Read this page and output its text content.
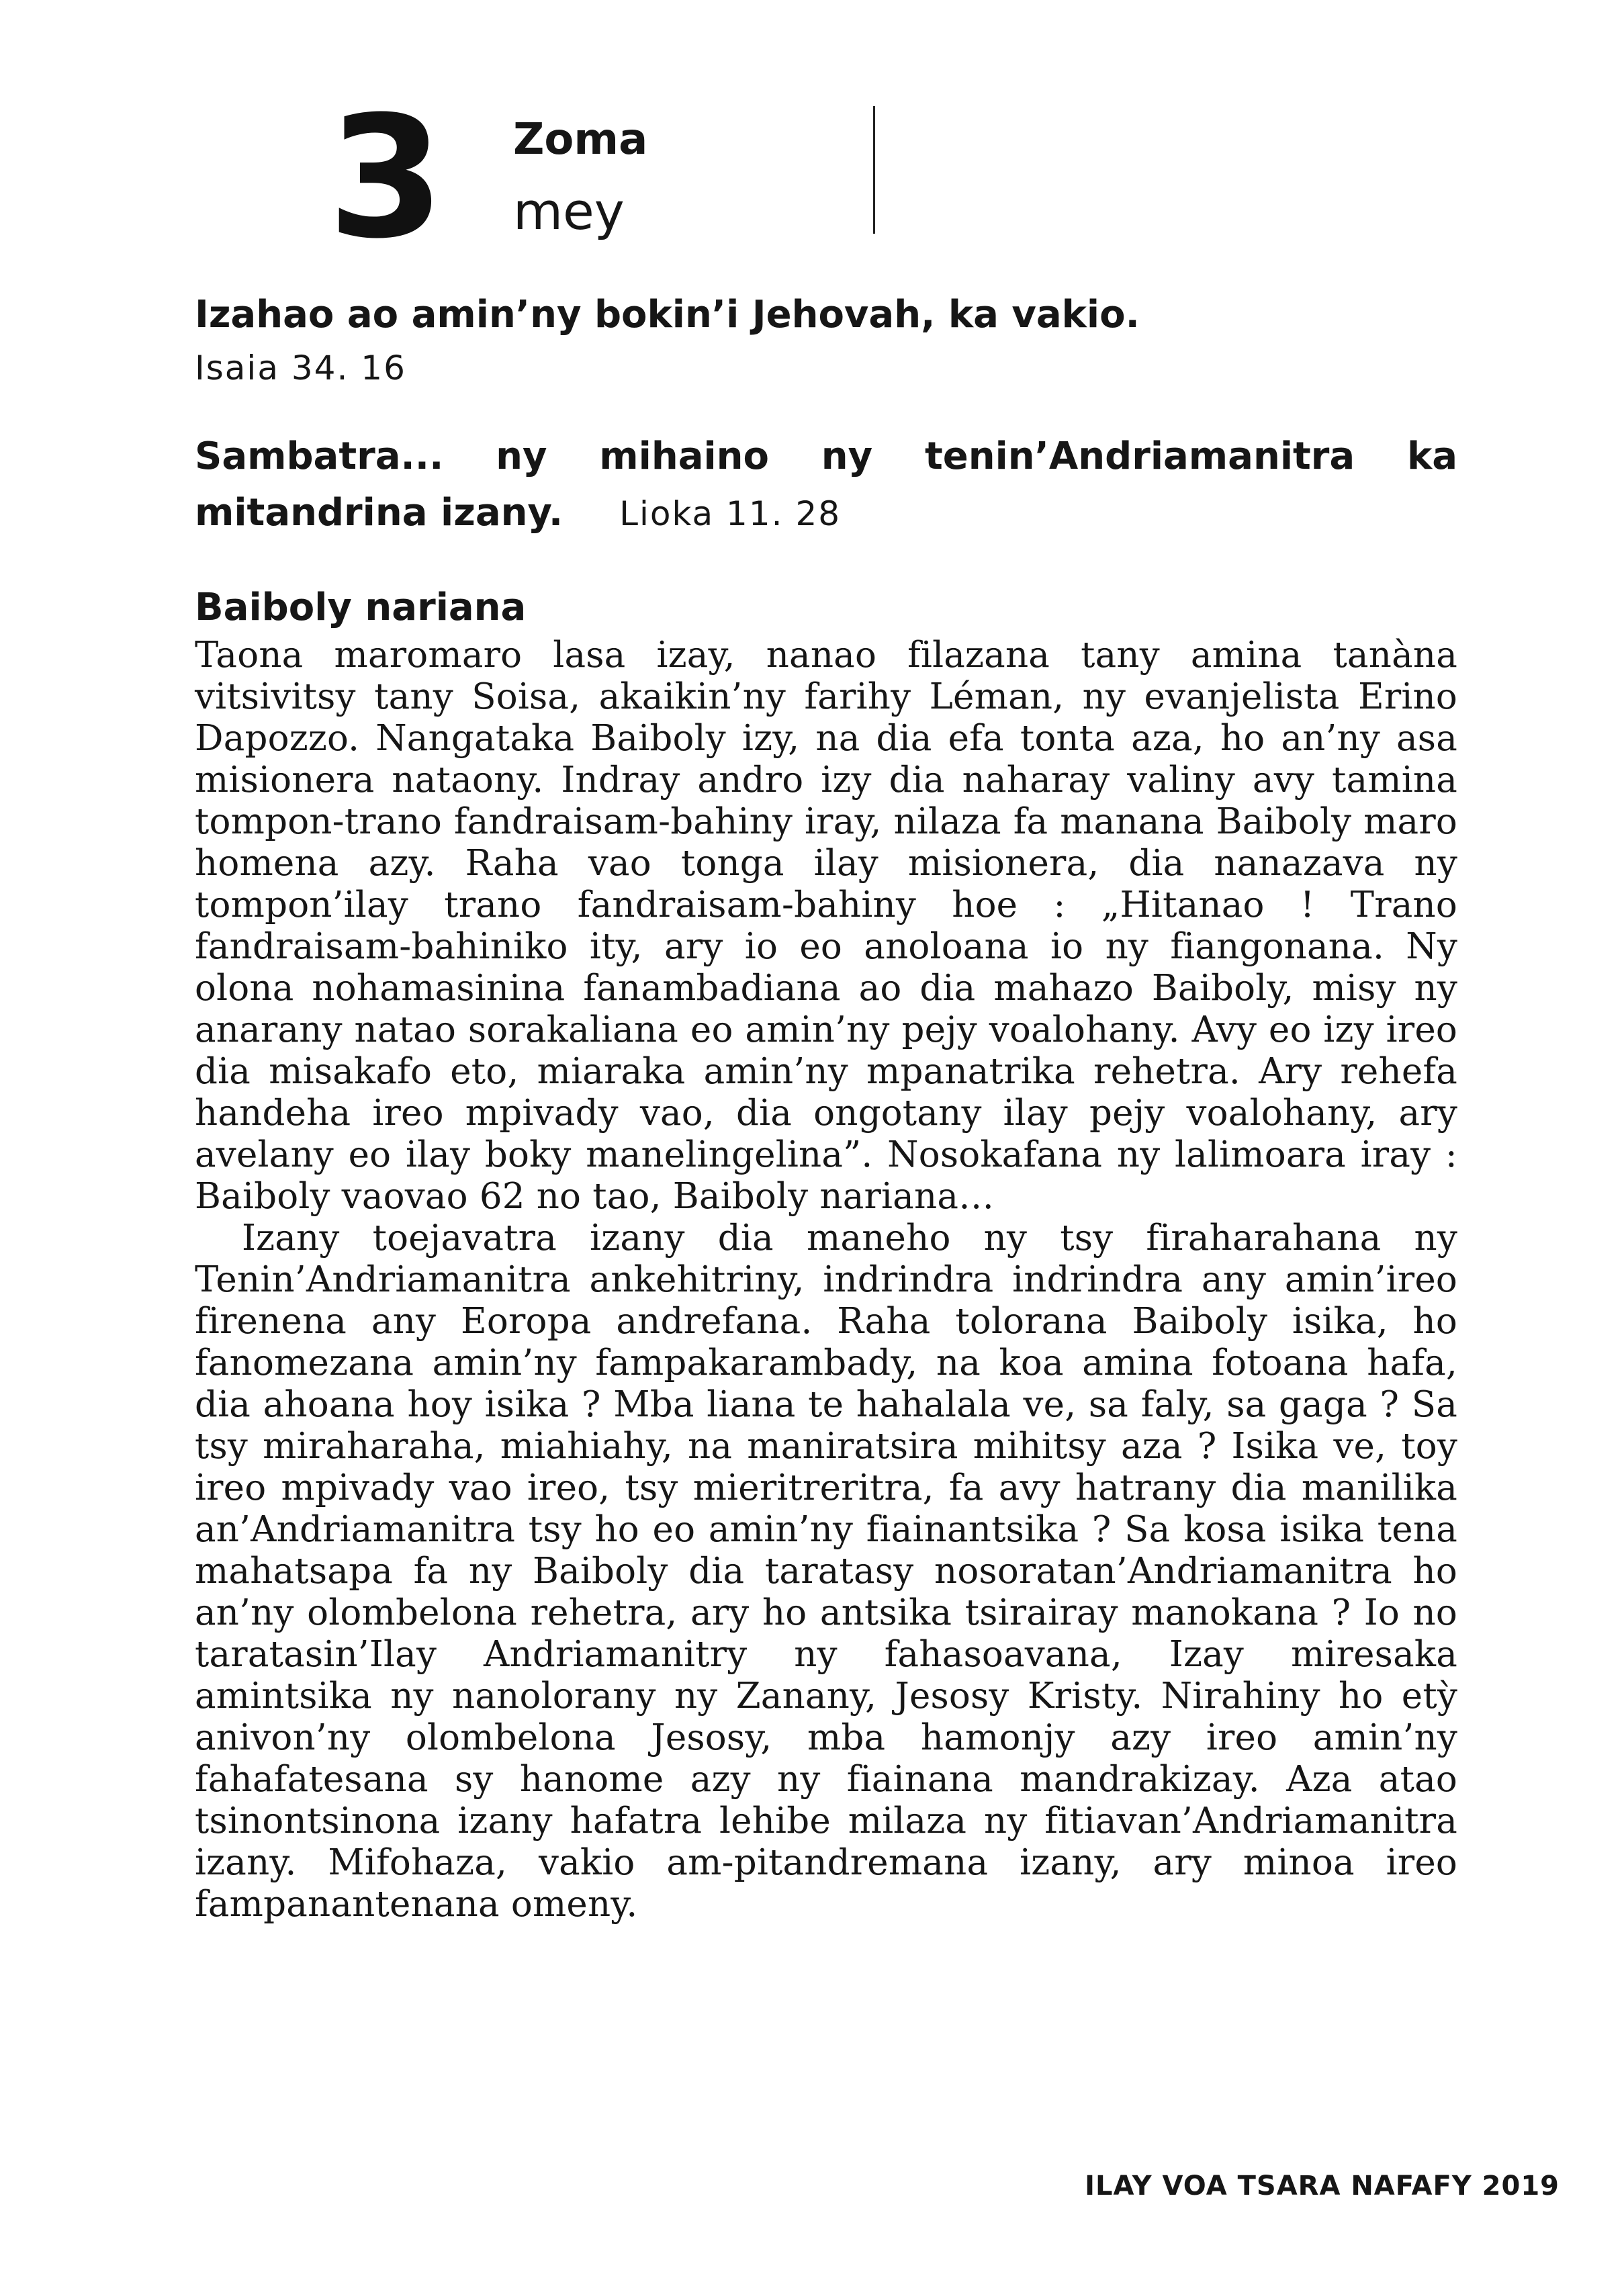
3 Zoma
mey

Izahao ao amin’ny bokin’i Jehovah, ka vakio.

Isaia 34. 16

Sambatra... ny mihaino ny tenin’Andriamanitra ka mitandrina izany. Lioka 11. 28

Baiboly nariana

Taona maromaro lasa izay, nanao filazana tany amina tanàna vitsivitsy tany Soisa, akaikin’ny farihy Léman, ny evanjelista Erino Dapozzo. Nangataka Baiboly izy, na dia efa tonta aza, ho an’ny asa misionera nataony. Indray andro izy dia naharay valiny avy tamina tompon-trano fandraisam-bahiny iray, nilaza fa manana Baiboly maro homena azy. Raha vao tonga ilay misionera, dia nanazava ny tompon’ilay trano fandraisam-bahiny hoe : „Hitanao ! Trano fandraisam-bahiniko ity, ary io eo anoloana io ny fiangonana. Ny olona nohamasinina fanambadiana ao dia mahazo Baiboly, misy ny anarany natao sorakaliana eo amin’ny pejy voalohany. Avy eo izy ireo dia misakafo eto, miaraka amin’ny mpanatrika rehetra. Ary rehefa handeha ireo mpivady vao, dia ongotany ilay pejy voalohany, ary avelany eo ilay boky manelingelina”. Nosokafana ny lalimoara iray : Baiboly vaovao 62 no tao, Baiboly nariana…

Izany toejavatra izany dia maneho ny tsy firaharahana ny Tenin’Andriamanitra ankehitriny, indrindra indrindra any amin’ireo firenena any Eoropa andrefana. Raha tolorana Baiboly isika, ho fanomezana amin’ny fampakarambady, na koa amina fotoana hafa, dia ahoana hoy isika ? Mba liana te hahalala ve, sa faly, sa gaga ? Sa tsy miraharaha, miahiahy, na maniratsira mihitsy aza ? Isika ve, toy ireo mpivady vao ireo, tsy mieritreritra, fa avy hatrany dia manilika an’Andriamanitra tsy ho eo amin’ny fiainantsika ? Sa kosa isika tena mahatsapa fa ny Baiboly dia taratasy nosoratan’Andriamanitra ho an’ny olombelona rehetra, ary ho antsika tsirairay manokana ? Io no taratasin’Ilay Andriamanitry ny fahasoavana, Izay miresaka amintsika ny nanolorany ny Zanany, Jesosy Kristy. Nirahiny ho etỳ anivon’ny olombelona Jesosy, mba hamonjy azy ireo amin’ny fahafatesana sy hanome azy ny fiainana mandrakizay. Aza atao tsinontsinona izany hafatra lehibe milaza ny fitiavan’Andriamanitra izany. Mifohaza, vakio am-pitandremana izany, ary minoa ireo fampanantenana omeny.

ILAY VOA TSARA NAFAFY 2019
